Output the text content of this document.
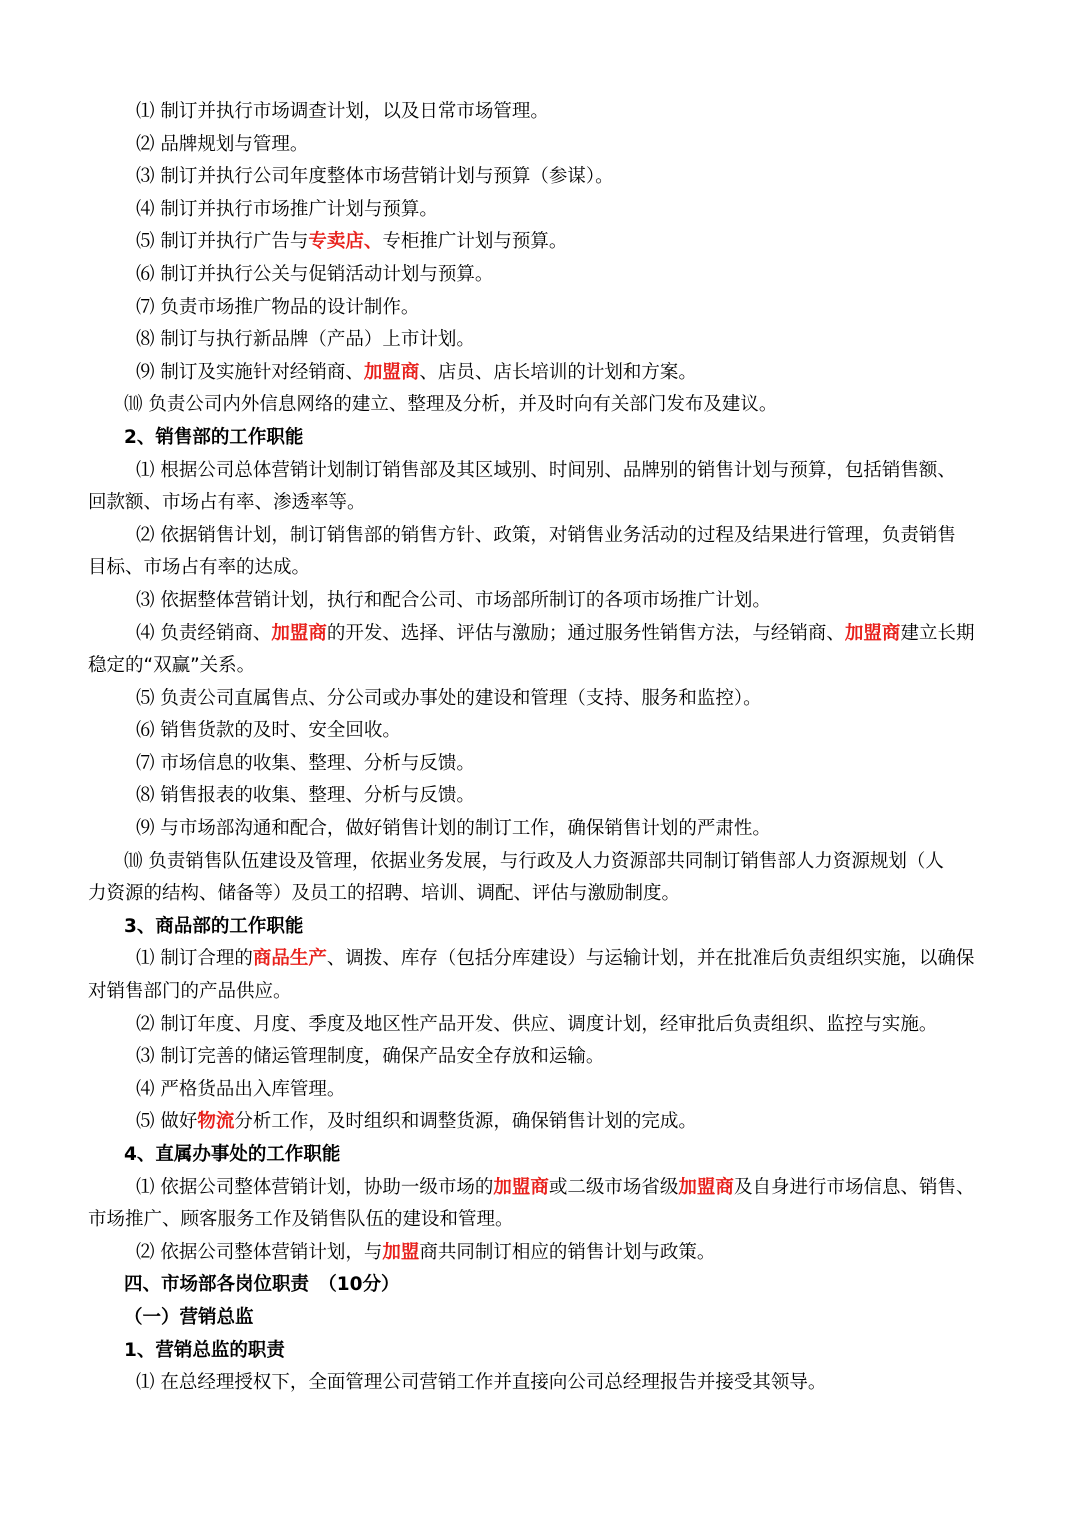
⑴ 制订并执行市场调查计划，以及日常市场管理。
⑵ 品牌规划与管理。
⑶ 制订并执行公司年度整体市场营销计划与预算（参谋）。
⑷ 制订并执行市场推广计划与预算。
⑸ 制订并执行广告与专卖店、专柜推广计划与预算。
⑹ 制订并执行公关与促销活动计划与预算。
⑺ 负责市场推广物品的设计制作。
⑻ 制订与执行新品牌（产品）上市计划。
⑼ 制订及实施针对经销商、加盟商、店员、店长培训的计划和方案。
⑽ 负责公司内外信息网络的建立、整理及分析，并及时向有关部门发布及建议。
2、销售部的工作职能
⑴ 根据公司总体营销计划制订销售部及其区域别、时间别、品牌别的销售计划与预算，包括销售额、
回款额、市场占有率、渗透率等。
⑵ 依据销售计划，制订销售部的销售方针、政策，对销售业务活动的过程及结果进行管理，负责销售
目标、市场占有率的达成。
⑶ 依据整体营销计划，执行和配合公司、市场部所制订的各项市场推广计划。
⑷ 负责经销商、加盟商的开发、选择、评估与激励；通过服务性销售方法，与经销商、加盟商建立长期
稳定的“双赢”关系。
⑸ 负责公司直属售点、分公司或办事处的建设和管理（支持、服务和监控）。
⑹ 销售货款的及时、安全回收。
⑺ 市场信息的收集、整理、分析与反馈。
⑻ 销售报表的收集、整理、分析与反馈。
⑼ 与市场部沟通和配合，做好销售计划的制订工作，确保销售计划的严肃性。
⑽ 负责销售队伍建设及管理，依据业务发展，与行政及人力资源部共同制订销售部人力资源规划（人
力资源的结构、储备等）及员工的招聘、培训、调配、评估与激励制度。
3、商品部的工作职能
⑴ 制订合理的商品生产、调拨、库存（包括分库建设）与运输计划，并在批准后负责组织实施，以确保
对销售部门的产品供应。
⑵ 制订年度、月度、季度及地区性产品开发、供应、调度计划，经审批后负责组织、监控与实施。
⑶ 制订完善的储运管理制度，确保产品安全存放和运输。
⑷ 严格货品出入库管理。
⑸ 做好物流分析工作，及时组织和调整货源，确保销售计划的完成。
4、直属办事处的工作职能
⑴ 依据公司整体营销计划，协助一级市场的加盟商或二级市场省级加盟商及自身进行市场信息、销售、
市场推广、顾客服务工作及销售队伍的建设和管理。
⑵ 依据公司整体营销计划，与加盟商共同制订相应的销售计划与政策。
四、市场部各岗位职责　（10分）
（一）营销总监
1、营销总监的职责
⑴ 在总经理授权下，全面管理公司营销工作并直接向公司总经理报告并接受其领导。
